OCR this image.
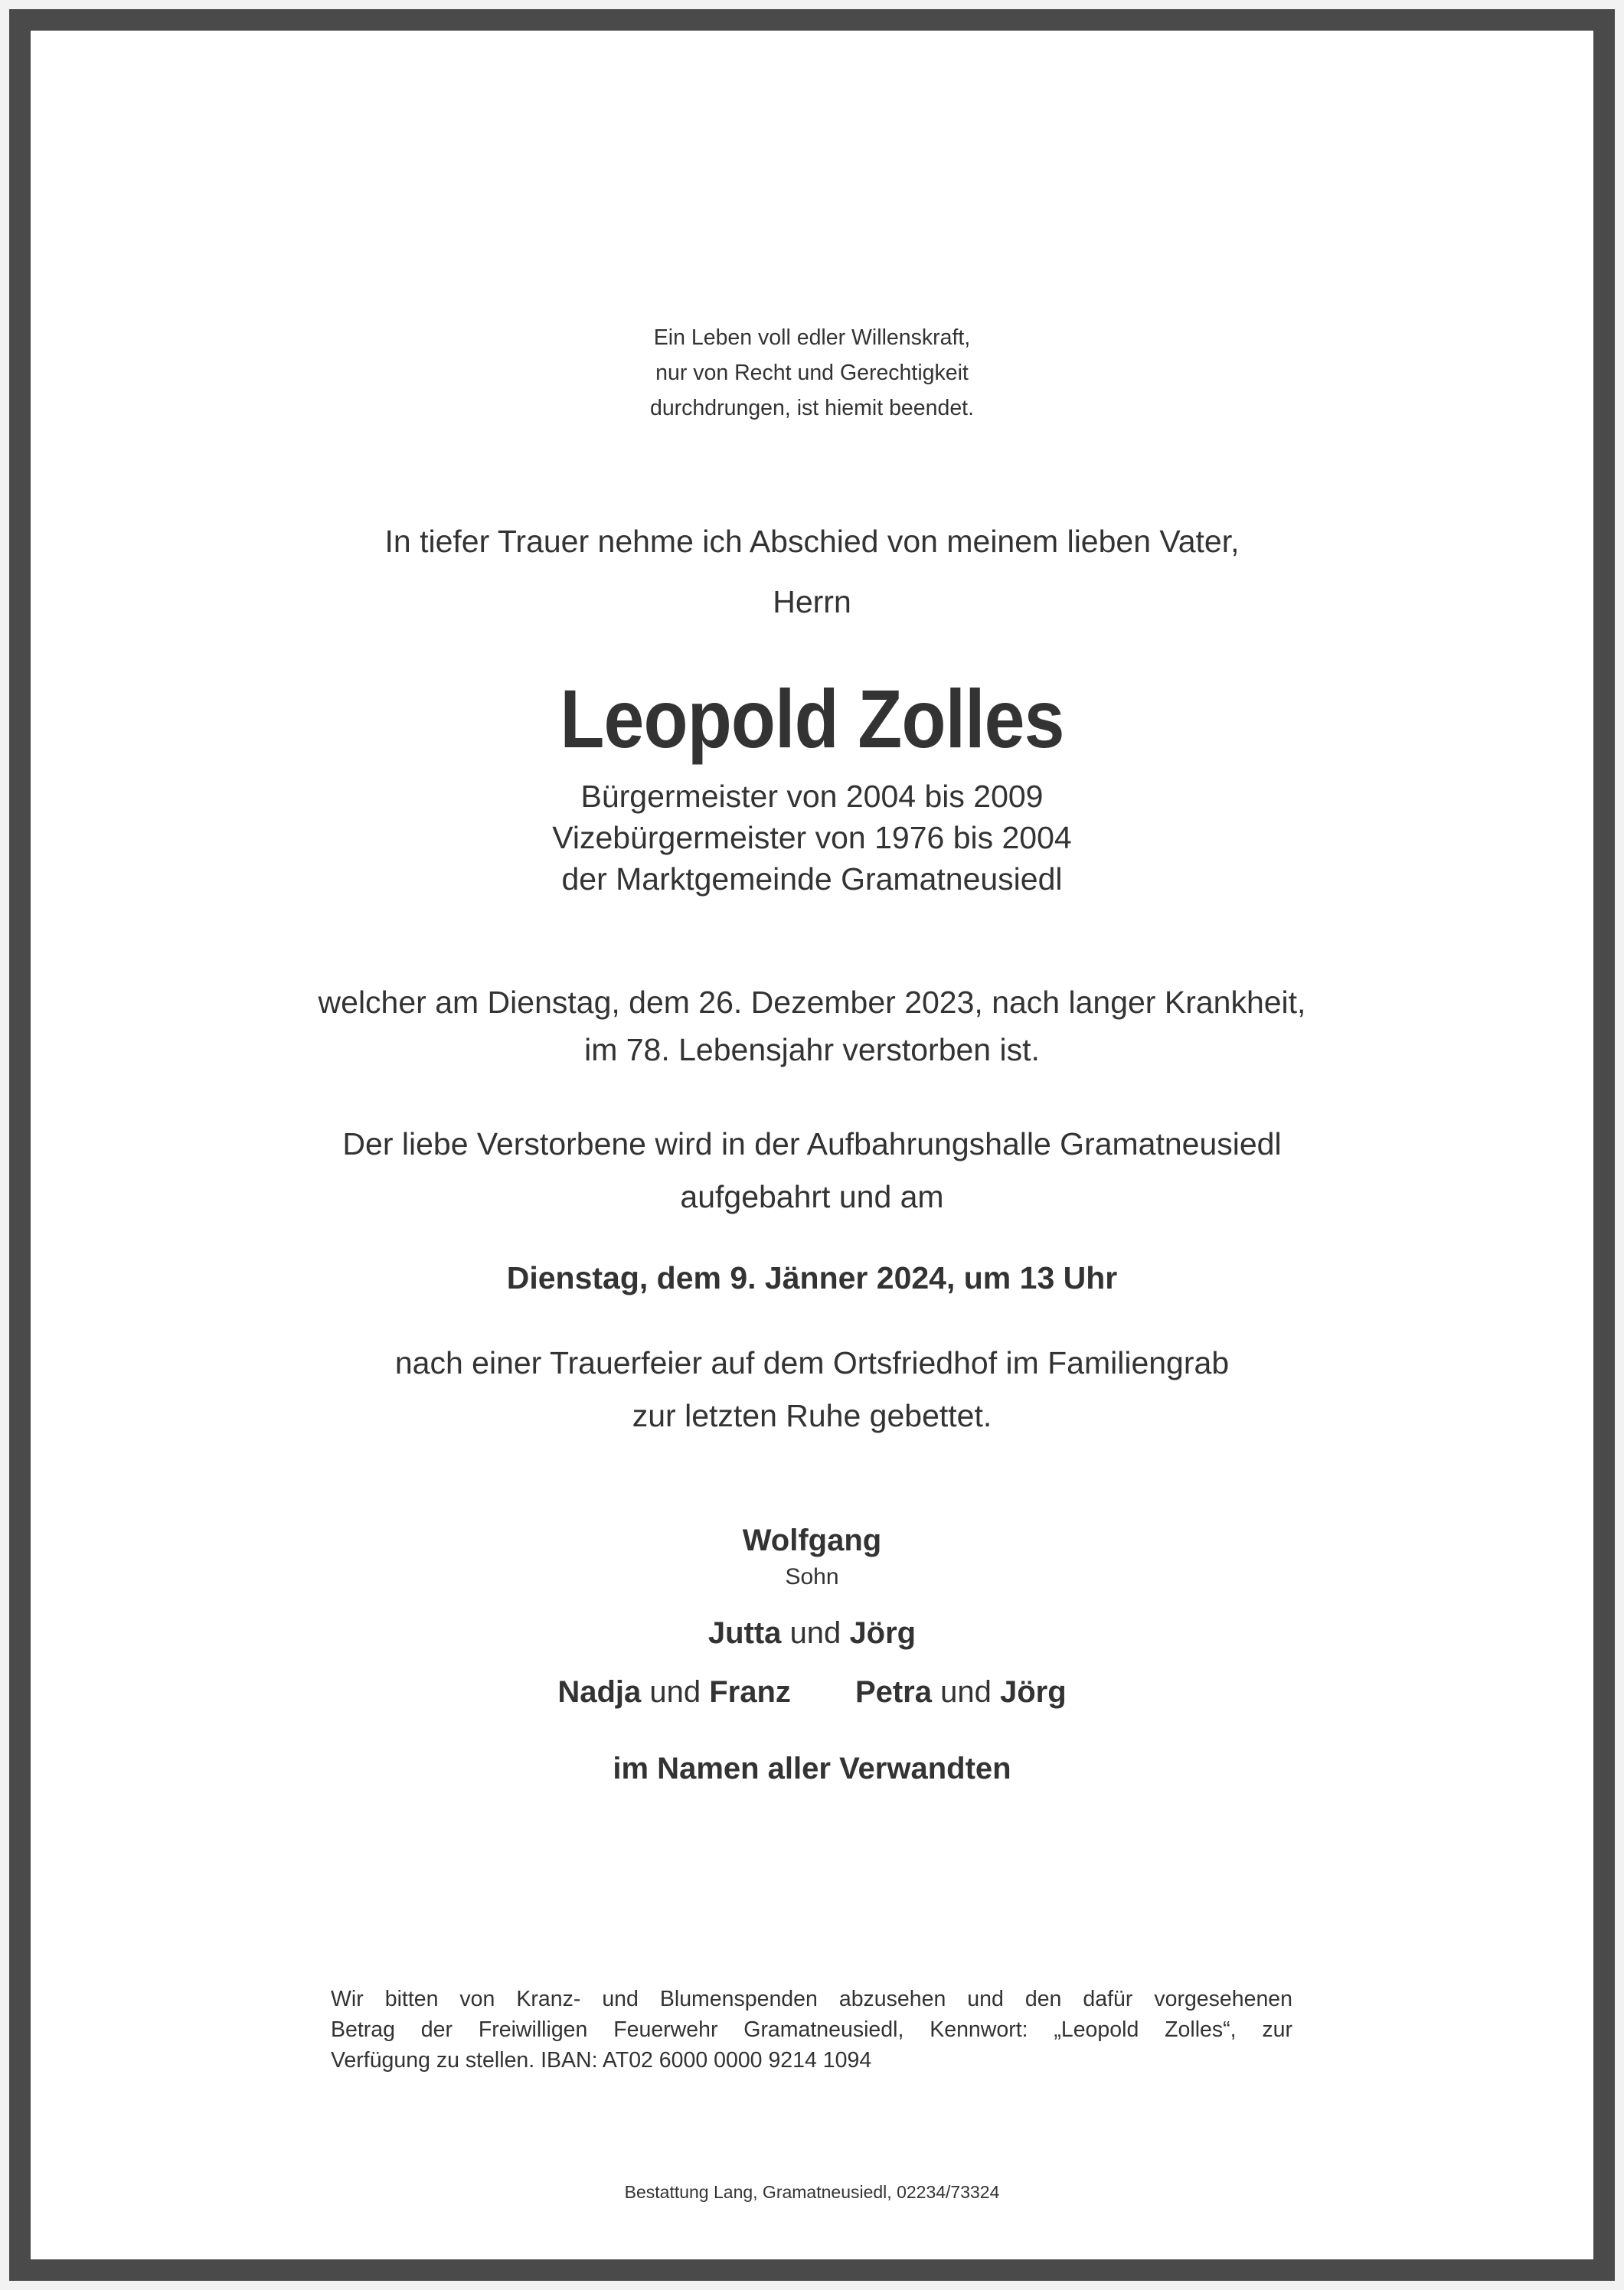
Ein Leben voll edler Willenskraft,
nur von Recht und Gerechtigkeit
durchdrungen, ist hiemit beendet.
In tiefer Trauer nehme ich Abschied von meinem lieben Vater,
Herrn
Leopold Zolles
Bürgermeister von 2004 bis 2009
Vizebürgermeister von 1976 bis 2004
der Marktgemeinde Gramatneusiedl
welcher am Dienstag, dem 26. Dezember 2023, nach langer Krankheit,
im 78. Lebensjahr verstorben ist.
Der liebe Verstorbene wird in der Aufbahrungshalle Gramatneusiedl
aufgebahrt und am
Dienstag, dem 9. Jänner 2024, um 13 Uhr
nach einer Trauerfeier auf dem Ortsfriedhof im Familiengrab
zur letzten Ruhe gebettet.
Wolfgang
Sohn
Jutta und Jörg
Nadja und Franz Petra und Jörg
im Namen aller Verwandten
Wir bitten von Kranz- und Blumenspenden abzusehen und den dafür vorgesehenen
Betrag der Freiwilligen Feuerwehr Gramatneusiedl, Kennwort: „Leopold Zolles“, zur
Verfügung zu stellen. IBAN: AT02 6000 0000 9214 1094
Bestattung Lang, Gramatneusiedl, 02234/73324
